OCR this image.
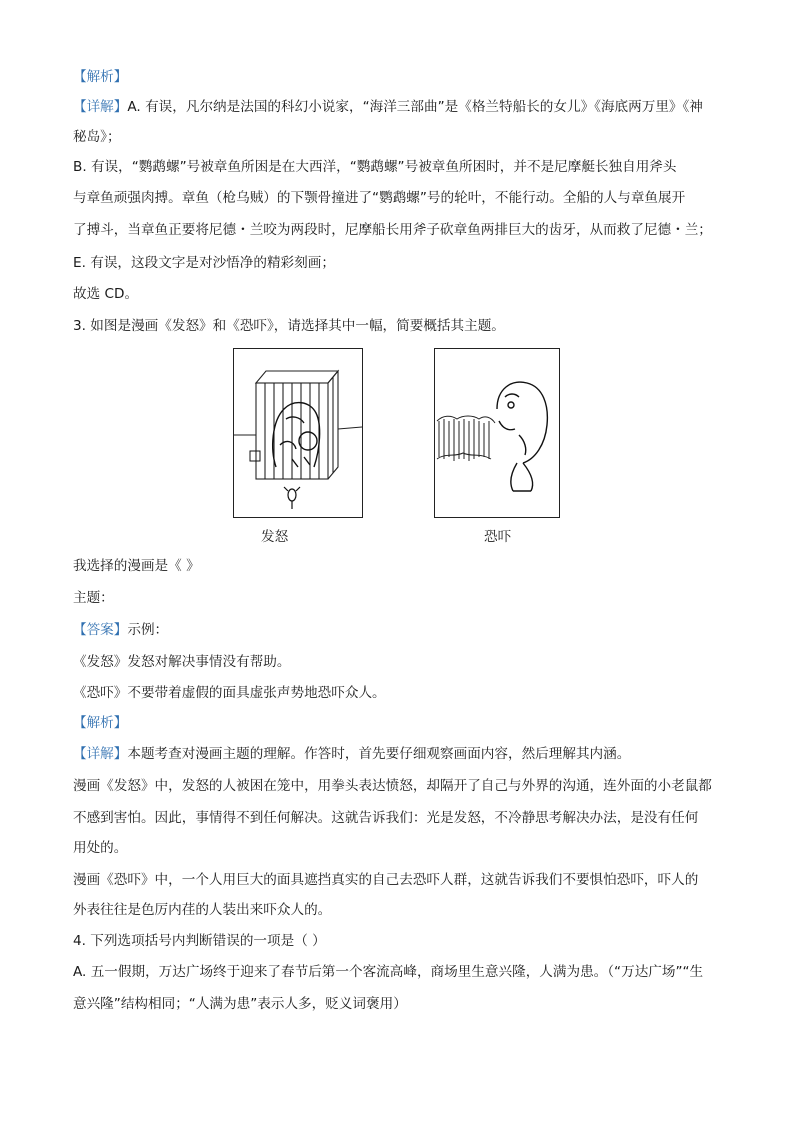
【解析】
【详解】A. 有误，凡尔纳是法国的科幻小说家，“海洋三部曲”是《格兰特船长的女儿》《海底两万里》《神
秘岛》；
B. 有误，“鹦鹉螺”号被章鱼所困是在大西洋，“鹦鹉螺”号被章鱼所困时，并不是尼摩艇长独自用斧头
与章鱼顽强肉搏。章鱼（枪乌贼）的下颚骨撞进了“鹦鹉螺”号的轮叶，不能行动。全船的人与章鱼展开
了搏斗，当章鱼正要将尼德・兰咬为两段时，尼摩船长用斧子砍章鱼两排巨大的齿牙，从而救了尼德・兰；
E. 有误，这段文字是对沙悟净的精彩刻画；
故选 CD。
3. 如图是漫画《发怒》和《恐吓》，请选择其中一幅，简要概括其主题。
发怒	恐吓
我选择的漫画是《 》
主题：
【答案】示例：
《发怒》发怒对解决事情没有帮助。
《恐吓》不要带着虚假的面具虚张声势地恐吓众人。
【解析】
【详解】本题考查对漫画主题的理解。作答时，首先要仔细观察画面内容，然后理解其内涵。
漫画《发怒》中，发怒的人被困在笼中，用拳头表达愤怒，却隔开了自己与外界的沟通，连外面的小老鼠都
不感到害怕。因此，事情得不到任何解决。这就告诉我们：光是发怒，不冷静思考解决办法，是没有任何
用处的。
漫画《恐吓》中，一个人用巨大的面具遮挡真实的自己去恐吓人群，这就告诉我们不要惧怕恐吓，吓人的
外表往往是色厉内荏的人装出来吓众人的。
4. 下列选项括号内判断错误的一项是（ ）
A. 五一假期，万达广场终于迎来了春节后第一个客流高峰，商场里生意兴隆，人满为患。（“万达广场”“生
意兴隆”结构相同；“人满为患”表示人多，贬义词褒用）
